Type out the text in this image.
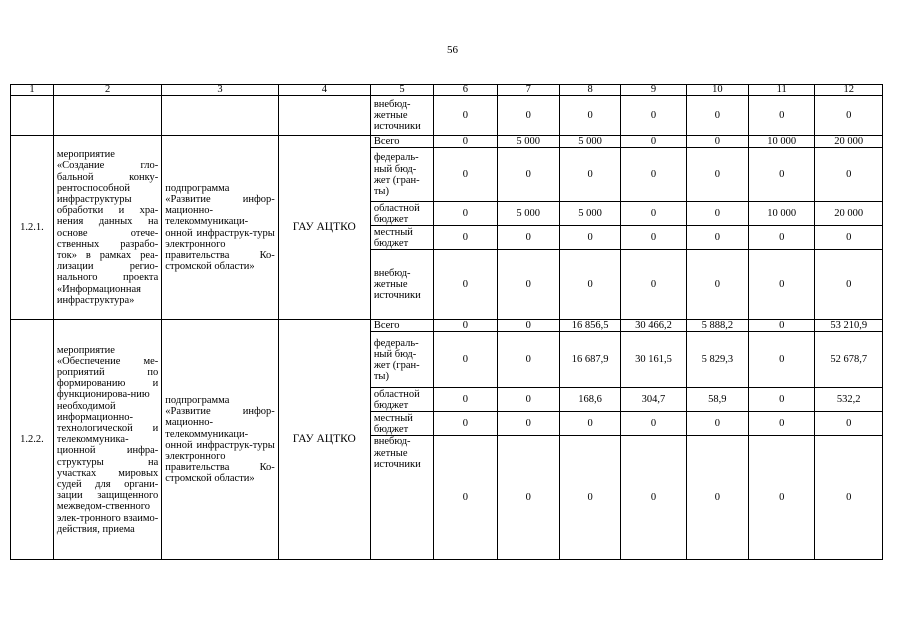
56
1	2	3	4	5	6	7	8	9	10	11	12
				внебюд-жетные источники	0	0	0	0	0	0	0
1.2.1.	мероприятие «Создание гло-бальной конку-рентоспособной инфраструктуры обработки и хра-нения данных на основе отече-ственных разрабо-ток» в рамках реа-лизации регио-нального проекта «Информационная инфраструктура»	подпрограмма «Развитие инфор-мационно-телекоммуникаци-онной инфраструк-туры электронного правительства Ко-стромской области»	ГАУ АЦТКО	Всего	0	5 000	5 000	0	0	10 000	20 000
				федераль-ный бюд-жет (гран-ты)	0	0	0	0	0	0	0
				областной бюджет	0	5 000	5 000	0	0	10 000	20 000
				местный бюджет	0	0	0	0	0	0	0
				внебюд-жетные источники	0	0	0	0	0	0	0
1.2.2.	мероприятие «Обеспечение ме-роприятий по формированию и функционирова-нию необходимой информационно-технологической и телекоммуника-ционной инфра-структуры на участках мировых судей для органи-зации защищенного межведом-ственного элек-тронного взаимо-действия, приема	подпрограмма «Развитие инфор-мационно-телекоммуникаци-онной инфраструк-туры электронного правительства Ко-стромской области»	ГАУ АЦТКО	Всего	0	0	16 856,5	30 466,2	5 888,2	0	53 210,9
				федераль-ный бюд-жет (гран-ты)	0	0	16 687,9	30 161,5	5 829,3	0	52 678,7
				областной бюджет	0	0	168,6	304,7	58,9	0	532,2
				местный бюджет	0	0	0	0	0	0	0
				внебюд-жетные источники	0	0	0	0	0	0	0
